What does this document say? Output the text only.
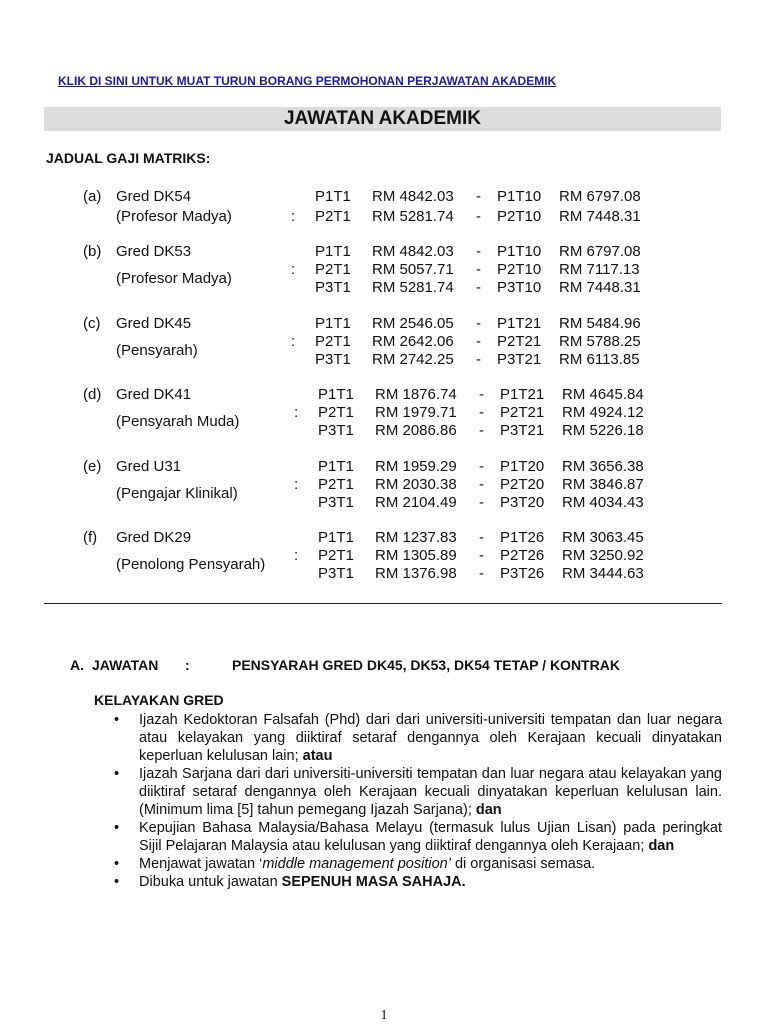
KLIK DI SINI UNTUK MUAT TURUN BORANG PERMOHONAN PERJAWATAN AKADEMIK
JAWATAN AKADEMIK
JADUAL GAJI MATRIKS:
(a) Gred DK54
(Profesor Madya)
P1T1 RM 4842.03 - P1T10 RM 6797.08
P2T1 RM 5281.74 - P2T10 RM 7448.31
:
(b) Gred DK53
(Profesor Madya)
P1T1 RM 4842.03 - P1T10 RM 6797.08
P2T1 RM 5057.71 - P2T10 RM 7117.13
P3T1 RM 5281.74 - P3T10 RM 7448.31
:
(c) Gred DK45
(Pensyarah)
P1T1 RM 2546.05 - P1T21 RM 5484.96
P2T1 RM 2642.06 - P2T21 RM 5788.25
P3T1 RM 2742.25 - P3T21 RM 6113.85
:
(d) Gred DK41
(Pensyarah Muda)
P1T1 RM 1876.74 - P1T21 RM 4645.84
P2T1 RM 1979.71 - P2T21 RM 4924.12
P3T1 RM 2086.86 - P3T21 RM 5226.18
:
(e) Gred U31
(Pengajar Klinikal)
P1T1 RM 1959.29 - P1T20 RM 3656.38
P2T1 RM 2030.38 - P2T20 RM 3846.87
P3T1 RM 2104.49 - P3T20 RM 4034.43
:
(f) Gred DK29
(Penolong Pensyarah)
P1T1 RM 1237.83 - P1T26 RM 3063.45
P2T1 RM 1305.89 - P2T26 RM 3250.92
P3T1 RM 1376.98 - P3T26 RM 3444.63
:
A. JAWATAN :	PENSYARAH GRED DK45, DK53, DK54 TETAP / KONTRAK
KELAYAKAN GRED
• Ijazah Kedoktoran Falsafah (Phd) dari dari universiti-universiti tempatan dan luar negara atau kelayakan yang diiktiraf setaraf dengannya oleh Kerajaan kecuali dinyatakan keperluan kelulusan lain; atau
• Ijazah Sarjana dari dari universiti-universiti tempatan dan luar negara atau kelayakan yang diiktiraf setaraf dengannya oleh Kerajaan kecuali dinyatakan keperluan kelulusan lain. (Minimum lima [5] tahun pemegang Ijazah Sarjana); dan
• Kepujian Bahasa Malaysia/Bahasa Melayu (termasuk lulus Ujian Lisan) pada peringkat Sijil Pelajaran Malaysia atau kelulusan yang diiktiraf dengannya oleh Kerajaan; dan
• Menjawat jawatan ‘middle management position’ di organisasi semasa.
• Dibuka untuk jawatan SEPENUH MASA SAHAJA.
1
